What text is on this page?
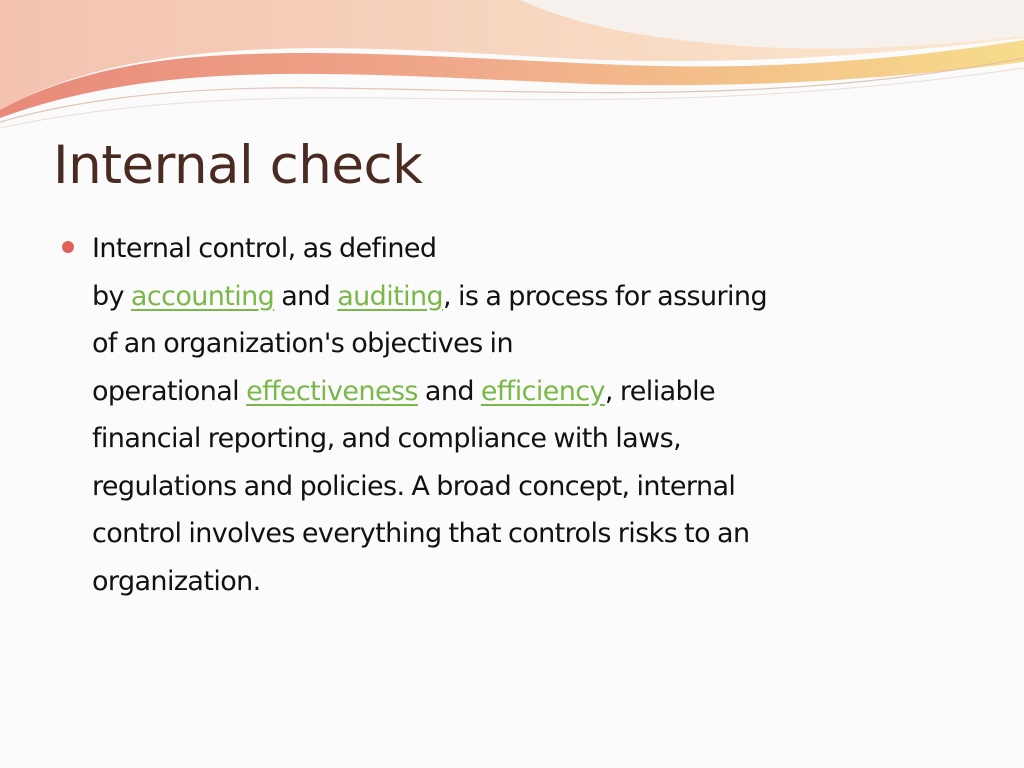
Internal check

Internal control, as defined
by accounting and auditing, is a process for assuring
of an organization's objectives in
operational effectiveness and efficiency, reliable
financial reporting, and compliance with laws,
regulations and policies. A broad concept, internal
control involves everything that controls risks to an
organization.
